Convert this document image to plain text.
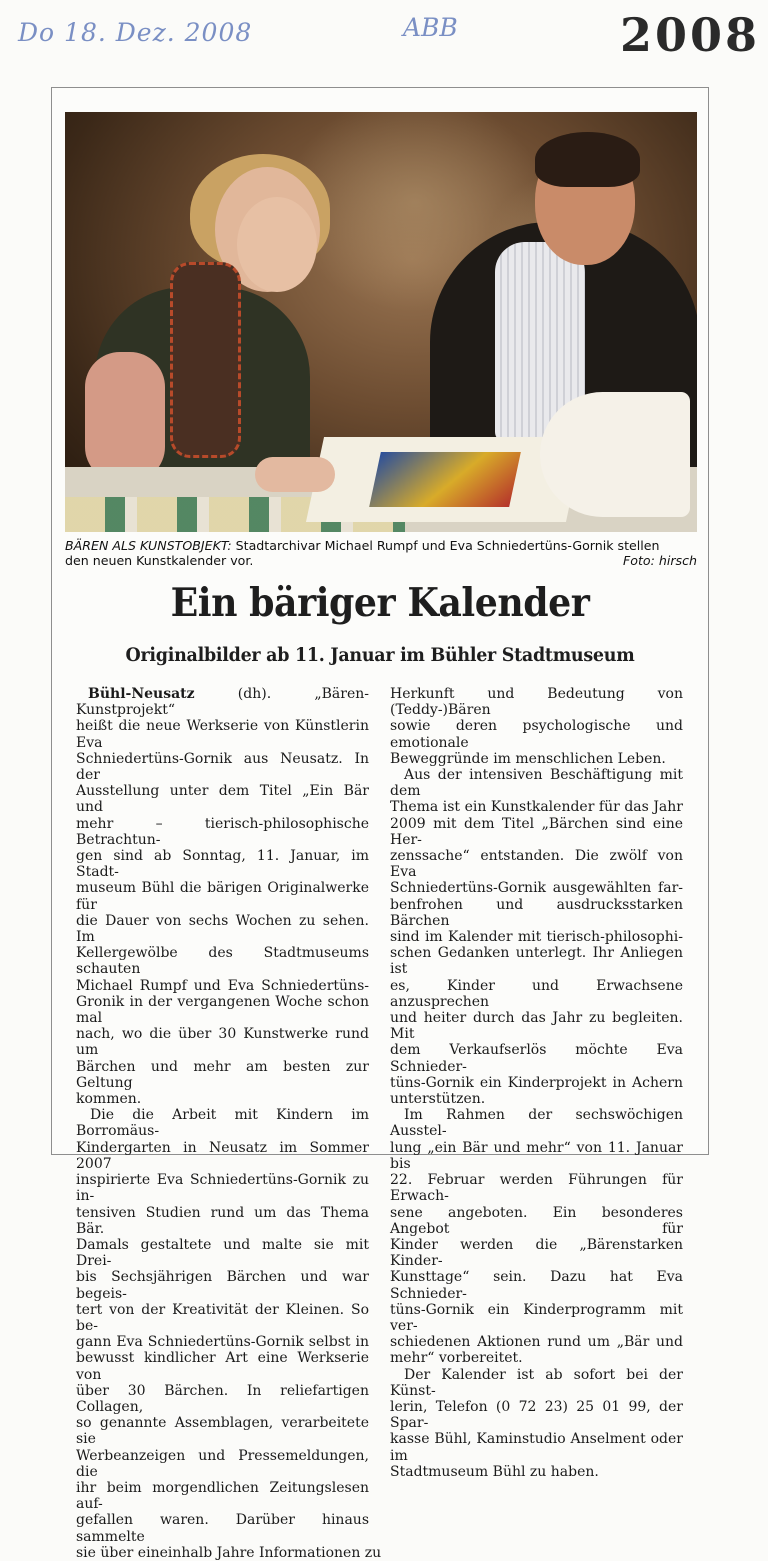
Do 18. Dez. 2008	ABB	2008
BÄREN ALS KUNSTOBJEKT: Stadtarchivar Michael Rumpf und Eva Schniedertüns-Gornik stellen
den neuen Kunstkalender vor.	Foto: hirsch
Ein bäriger Kalender
Originalbilder ab 11. Januar im Bühler Stadtmuseum
Bühl-Neusatz (dh). „Bären-Kunstprojekt“
heißt die neue Werkserie von Künstlerin Eva
Schniedertüns-Gornik aus Neusatz. In der
Ausstellung unter dem Titel „Ein Bär und
mehr – tierisch-philosophische Betrachtun-
gen sind ab Sonntag, 11. Januar, im Stadt-
museum Bühl die bärigen Originalwerke für
die Dauer von sechs Wochen zu sehen. Im
Kellergewölbe des Stadtmuseums schauten
Michael Rumpf und Eva Schniedertüns-
Gronik in der vergangenen Woche schon mal
nach, wo die über 30 Kunstwerke rund um
Bärchen und mehr am besten zur Geltung
kommen.
Die die Arbeit mit Kindern im Borromäus-
Kindergarten in Neusatz im Sommer 2007
inspirierte Eva Schniedertüns-Gornik zu in-
tensiven Studien rund um das Thema Bär.
Damals gestaltete und malte sie mit Drei-
bis Sechsjährigen Bärchen und war begeis-
tert von der Kreativität der Kleinen. So be-
gann Eva Schniedertüns-Gornik selbst in
bewusst kindlicher Art eine Werkserie von
über 30 Bärchen. In reliefartigen Collagen,
so genannte Assemblagen, verarbeitete sie
Werbeanzeigen und Pressemeldungen, die
ihr beim morgendlichen Zeitungslesen auf-
gefallen waren. Darüber hinaus sammelte
sie über eineinhalb Jahre Informationen zu
Herkunft und Bedeutung von (Teddy-)Bären
sowie deren psychologische und emotionale
Beweggründe im menschlichen Leben.
Aus der intensiven Beschäftigung mit dem
Thema ist ein Kunstkalender für das Jahr
2009 mit dem Titel „Bärchen sind eine Her-
zenssache“ entstanden. Die zwölf von Eva
Schniedertüns-Gornik ausgewählten far-
benfrohen und ausdrucksstarken Bärchen
sind im Kalender mit tierisch-philosophi-
schen Gedanken unterlegt. Ihr Anliegen ist
es, Kinder und Erwachsene anzusprechen
und heiter durch das Jahr zu begleiten. Mit
dem Verkaufserlös möchte Eva Schnieder-
tüns-Gornik ein Kinderprojekt in Achern
unterstützen.
Im Rahmen der sechswöchigen Ausstel-
lung „ein Bär und mehr“ von 11. Januar bis
22. Februar werden Führungen für Erwach-
sene angeboten. Ein besonderes Angebot für
Kinder werden die „Bärenstarken Kinder-
Kunsttage“ sein. Dazu hat Eva Schnieder-
tüns-Gornik ein Kinderprogramm mit ver-
schiedenen Aktionen rund um „Bär und
mehr“ vorbereitet.
Der Kalender ist ab sofort bei der Künst-
lerin, Telefon (0 72 23) 25 01 99, der Spar-
kasse Bühl, Kaminstudio Anselment oder im
Stadtmuseum Bühl zu haben.
